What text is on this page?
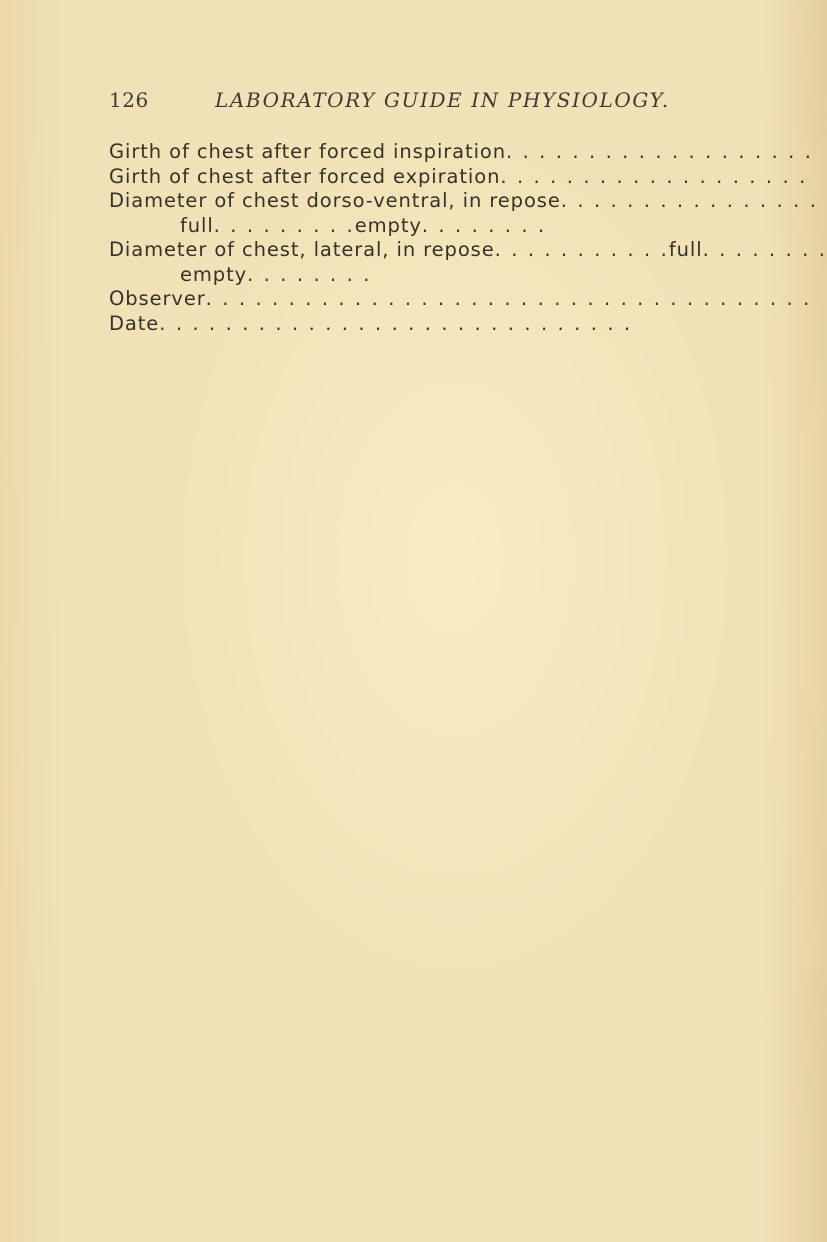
126	LABORATORY GUIDE IN PHYSIOLOGY.
Girth of chest after forced inspiration . . . . . . . . . . . . . . . . . . .
Girth of chest after forced expiration . . . . . . . . . . . . . . . . . . .
Diameter of chest dorso-ventral, in repose . . . . . . . . . . . . . . . .
full . . . . . . . . . empty . . . . . . . .
Diameter of chest, lateral, in repose . . . . . . . . . . . full . . . . . . . .
empty . . . . . . . .
Observer . . . . . . . . . . . . . . . . . . . . . . . . . . . . . . . . . . . . .
Date . . . . . . . . . . . . . . . . . . . . . . . . . . . . .
